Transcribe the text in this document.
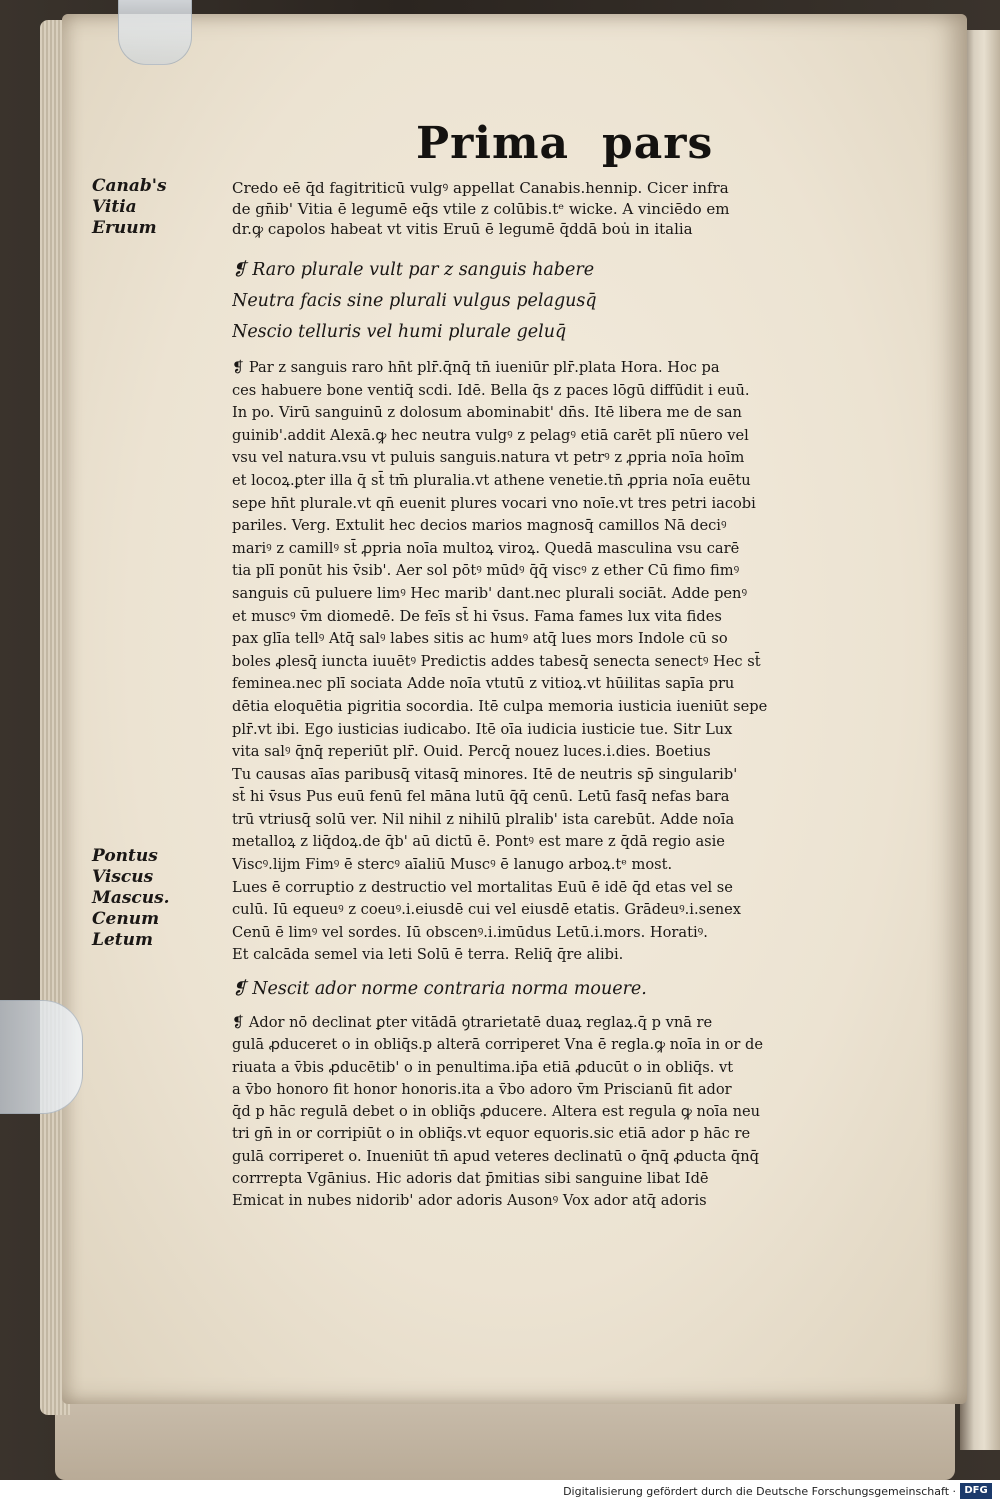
Prima pars
Canab's
Vitia
Eruum
Pontus
Viscus
Mascus.
Cenum
Letum
Credo eē q̄d fagitriticū vulgꝰ appellat Canabis.hennip. Cicer infra
de gn̄ib' Vitia ē legumē eq̄s vtile z colūbis.tᵉ wicke. A vinciēdo em
dr.ꝙ capolos habeat vt vitis Eruū ē legumē q̄ddā bou̇ in italia
❡ Raro plurale vult par z sanguis habere
Neutra facis sine plurali vulgus pelagusq̄
Nescio telluris vel humi plurale geluq̄
❡ Par z sanguis raro hn̄t plr̄.q̄nq̄ tn̄ iueniūr plr̄.plata Hora. Hoc pa
ces habuere bone ventiq̄ scdi. Idē. Bella q̄s z paces lōgū diffūdit i euū.
In po. Virū sanguinū z dolosum abominabit' dn̄s. Itē libera me de san
guinib'.addit Alexā.ꝙ hec neutra vulgꝰ z pelagꝰ etiā carēt plī nūero vel
vsu vel natura.vsu vt puluis sanguis.natura vt petrꝰ z ꝓpria noīa hoīm
et locoꝝ.ꝑter illa q̄ st̄ tm̄ pluralia.vt athene venetie.tn̄ ꝓpria noīa euētu
sepe hn̄t plurale.vt qn̄ euenit plures vocari vno noīe.vt tres petri iacobi
pariles. Verg. Extulit hec decios marios magnosq̄ camillos Nā deciꝰ
mariꝰ z camillꝰ st̄ ꝓpria noīa multoꝝ viroꝝ. Quedā masculina vsu carē
tia plī ponūt his v̄sib'. Aer sol pōtꝰ mūdꝰ q̄q̄ viscꝰ z ether Cū fimo fimꝰ
sanguis cū puluere limꝰ Hec marib' dant.nec plurali sociāt. Adde penꝰ
et muscꝰ v̄m diomedē. De feīs st̄ hi v̄sus. Fama fames lux vita fides
pax glīa tellꝰ Atq̄ salꝰ labes sitis ac humꝰ atq̄ lues mors Indole cū so
boles ꝓlesq̄ iuncta iuuētꝰ Predictis addes tabesq̄ senecta senectꝰ Hec st̄
feminea.nec plī sociata Adde noīa vtutū z vitioꝝ.vt hūilitas sapīa pru
dētia eloquētia pigritia socordia. Itē culpa memoria iusticia iueniūt sepe
plr̄.vt ibi. Ego iusticias iudicabo. Itē oīa iudicia iusticie tue. Sitr Lux
vita salꝰ q̄nq̄ reperiūt plr̄. Ouid. Percq̄ nouez luces.i.dies. Boetius
Tu causas aīas paribusq̄ vitasq̄ minores. Itē de neutris sp̄ singularib'
st̄ hi v̄sus Pus euū fenū fel māna lutū q̄q̄ cenū. Letū fasq̄ nefas bara
trū vtriusq̄ solū ver. Nil nihil z nihilū plralib' ista carebūt. Adde noīa
metalloꝝ z liq̄doꝝ.de q̄b' aū dictū ē. Pontꝰ est mare z q̄dā regio asie
Viscꝰ.lijm Fimꝰ ē stercꝰ aīaliū Muscꝰ ē lanugo arboꝝ.tᵉ most.
Lues ē corruptio z destructio vel mortalitas Euū ē idē q̄d etas vel se
culū. Iū equeuꝰ z coeuꝰ.i.eiusdē cui vel eiusdē etatis. Grādeuꝰ.i.senex
Cenū ē limꝰ vel sordes. Iū obscenꝰ.i.imūdus Letū.i.mors. Horatiꝰ.
Et calcāda semel via leti Solū ē terra. Reliq̄ q̄re alibi.
❡ Nescit ador norme contraria norma mouere.
❡ Ador nō declinat ꝑter vitādā ꝯtrarietatē duaꝝ reglaꝝ.q̄ p vnā re
gulā ꝓduceret o in obliq̄s.p alterā corriperet Vna ē regla.ꝙ noīa in or de
riuata a v̄bis ꝓducētib' o in penultima.ip̄a etiā ꝓducūt o in obliq̄s. vt
a v̄bo honoro fit honor honoris.ita a v̄bo adoro v̄m Priscianū fit ador
q̄d p hāc regulā debet o in obliq̄s ꝓducere. Altera est regula ꝙ noīa neu
tri gn̄ in or corripiūt o in obliq̄s.vt equor equoris.sic etiā ador p hāc re
gulā corriperet o. Inueniūt tn̄ apud veteres declinatū o q̄nq̄ ꝓducta q̄nq̄
corrrepta Vgānius. Hic adoris dat p̄mitias sibi sanguine libat Idē
Emicat in nubes nidorib' ador adoris Ausonꝰ Vox ador atq̄ adoris
Digitalisierung gefördert durch die Deutsche Forschungsgemeinschaft · DFG
